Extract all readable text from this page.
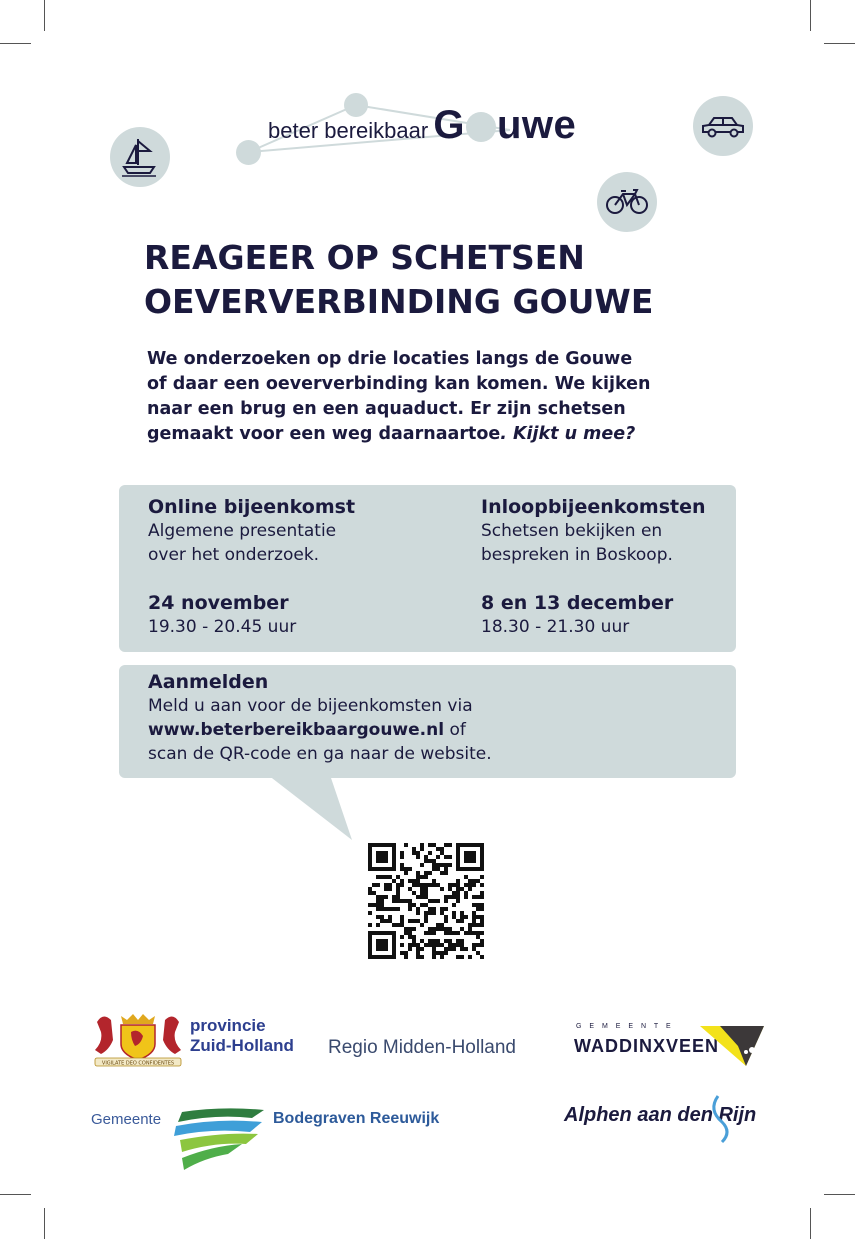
beter bereikbaar G uwe
REAGEER OP SCHETSEN
OEVERVERBINDING GOUWE
We onderzoeken op drie locaties langs de Gouwe
of daar een oeververbinding kan komen. We kijken
naar een brug en een aquaduct. Er zijn schetsen
gemaakt voor een weg daarnaartoe. Kijkt u mee?
Online bijeenkomst
Algemene presentatie
over het onderzoek.
24 november
19.30 - 20.45 uur
Inloopbijeenkomsten
Schetsen bekijken en
bespreken in Boskoop.
8 en 13 december
18.30 - 21.30 uur
Aanmelden
Meld u aan voor de bijeenkomsten via
www.beterbereikbaargouwe.nl of
scan de QR-code en ga naar de website.
VIGILATE DEO CONFIDENTES
provincie
Zuid-Holland Regio Midden-Holland
G E M E E N T E
WADDINXVEEN
Gemeente	Bodegraven Reeuwijk	Alphen aan den Rijn
